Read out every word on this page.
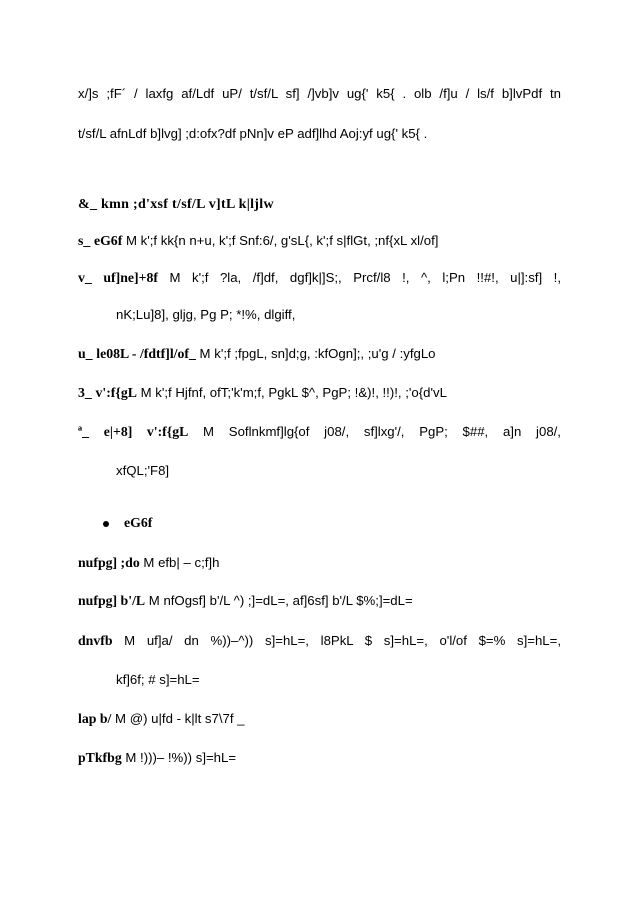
x/]s ;fF´ / laxfg af/Ldf uP/ t/sf/L sf] /]vb]v ug{' k5{ . olb /f]u / ls/f b]lvPdf tn
t/sf/L afnLdf b]lvg] ;d:ofx?df pNn]v eP adf]lhd Aoj:yf ug{' k5{ .
&_ kmn ;d'xsf t/sf/L v]tL k|ljlw
s_ eG6f M k';f kk{n n+u, k';f Snf:6/, g'sL{, k';f s|flGt, ;nf{xL xl/of]
v_ uf]ne]+8f M k';f ?la, /f]df, dgf]k|]S;, Prcf/l8 !, ^, l;Pn !!#!, u|]:sf] !,
nK;Lu]8], gljg, Pg P; *!%, dlgiff,
u_ le08L - /fdtf]l/of_ M k';f ;fpgL, sn]d;g, :kfOgn];, ;u'g / :yfgLo
3_ v':f{gL M k';f Hjfnf, ofT;'k'm;f, PgkL $^, PgP; !&)!, !!)!, ;'o{d'vL
ª_ e|+8] v':f{gL M Soflnkmf]lg{of j08/, sf]lxg'/, PgP; $##, a]n j08/,
xfQL;'F8]
eG6f
nufpg] ;do M efb| – c;f]h
nufpg] b'/L M nfOgsf] b'/L ^) ;]=dL=, af]6sf] b'/L $%;]=dL=
dnvfb M uf]a/ dn %))–^)) s]=hL=, l8PkL $ s]=hL=, o'l/of $=% s]=hL=,
kf]6f; # s]=hL=
lap b/ M @) u|fd - k|lt s7\7f _
pTkfbg M !)))– !%)) s]=hL=
